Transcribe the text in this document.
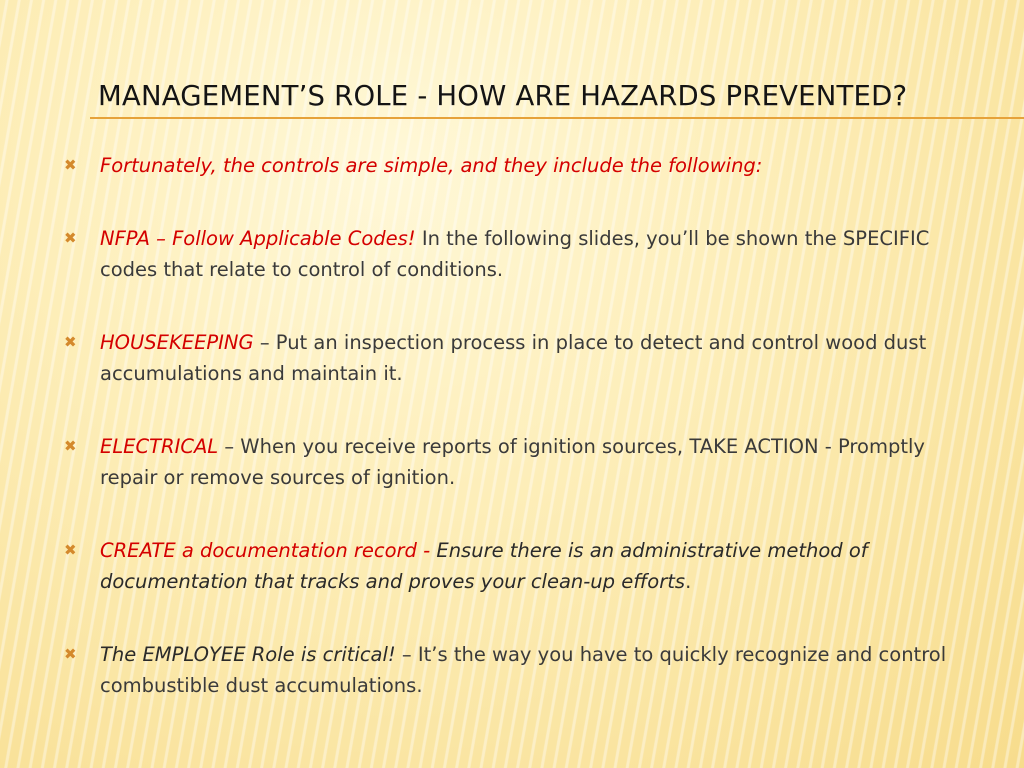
MANAGEMENT’S ROLE - HOW ARE HAZARDS PREVENTED?
✖ Fortunately, the controls are simple, and they include the following:
✖ NFPA – Follow Applicable Codes! In the following slides, you’ll be shown the SPECIFIC codes that relate to control of conditions.
✖ HOUSEKEEPING – Put an inspection process in place to detect and control wood dust accumulations and maintain it.
✖ ELECTRICAL – When you receive reports of ignition sources, TAKE ACTION - Promptly repair or remove sources of ignition.
✖ CREATE a documentation record - Ensure there is an administrative method of documentation that tracks and proves your clean-up efforts.
✖ The EMPLOYEE Role is critical! – It’s the way you have to quickly recognize and control combustible dust accumulations.
